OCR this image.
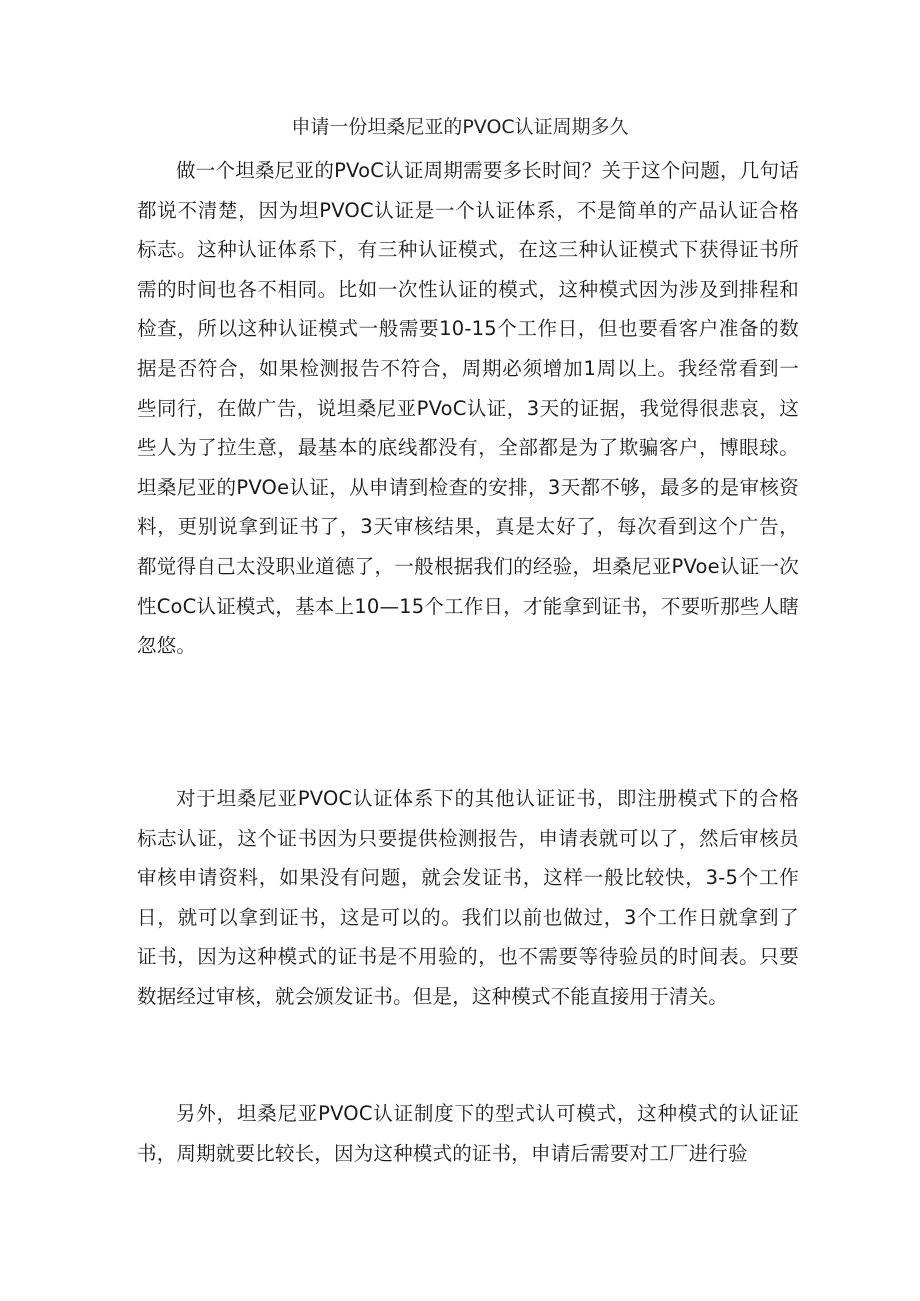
申请一份坦桑尼亚的PVOC认证周期多久

做一个坦桑尼亚的PVoC认证周期需要多长时间？关于这个问题，几句话都说不清楚，因为坦PVOC认证是一个认证体系，不是简单的产品认证合格标志。这种认证体系下，有三种认证模式，在这三种认证模式下获得证书所需的时间也各不相同。比如一次性认证的模式，这种模式因为涉及到排程和检查，所以这种认证模式一般需要10-15个工作日，但也要看客户准备的数据是否符合，如果检测报告不符合，周期必须增加1周以上。我经常看到一些同行，在做广告，说坦桑尼亚PVoC认证，3天的证据，我觉得很悲哀，这些人为了拉生意，最基本的底线都没有，全部都是为了欺骗客户，博眼球。坦桑尼亚的PVOe认证，从申请到检查的安排，3天都不够，最多的是审核资料，更别说拿到证书了，3天审核结果，真是太好了，每次看到这个广告，都觉得自己太没职业道德了，一般根据我们的经验，坦桑尼亚PVoe认证一次性CoC认证模式，基本上10—15个工作日，才能拿到证书，不要听那些人瞎忽悠。

对于坦桑尼亚PVOC认证体系下的其他认证证书，即注册模式下的合格标志认证，这个证书因为只要提供检测报告，申请表就可以了，然后审核员审核申请资料，如果没有问题，就会发证书，这样一般比较快，3-5个工作日，就可以拿到证书，这是可以的。我们以前也做过，3个工作日就拿到了证书，因为这种模式的证书是不用验的，也不需要等待验员的时间表。只要数据经过审核，就会颁发证书。但是，这种模式不能直接用于清关。

另外，坦桑尼亚PVOC认证制度下的型式认可模式，这种模式的认证证书，周期就要比较长，因为这种模式的证书，申请后需要对工厂进行验
